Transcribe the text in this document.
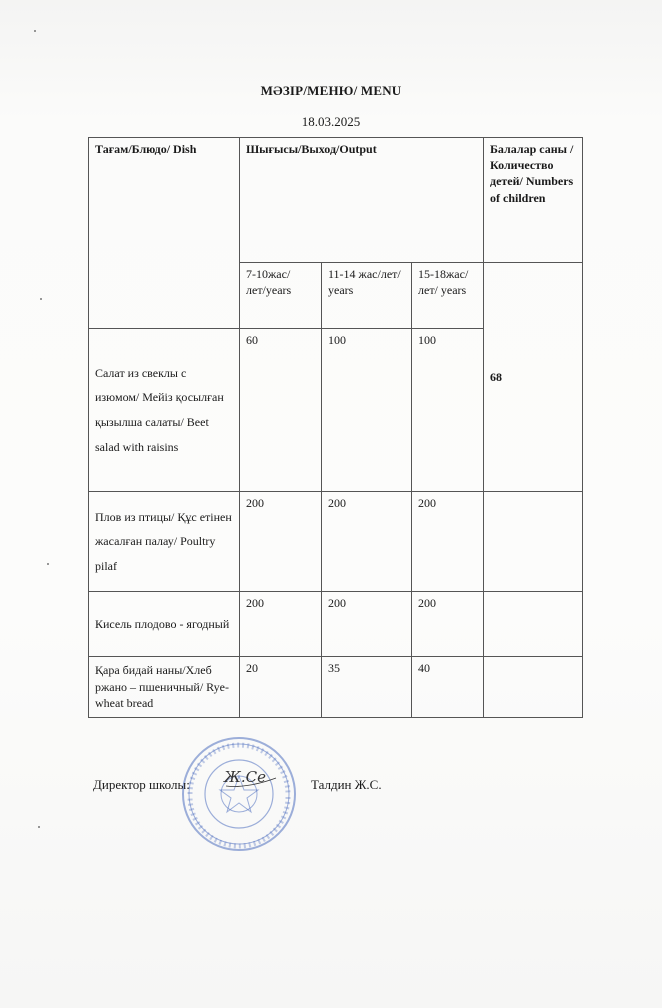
МӘЗІР/МЕНЮ/ MENU
18.03.2025
Тағам/Блюдо/ Dish	Шығысы/Выход/Output			Балалар саны /Количество детей/ Numbers of children
	7-10жас/лет/years	11-14 жас/лет/ years	15-18жас/лет/ years	68
Салат из свеклы с изюмом/ Мейіз қосылған қызылша салаты/ Beet salad with raisins	60	100	100	
Плов из птицы/ Құс етінен жасалған палау/ Poultry pilaf	200	200	200	
Кисель плодово - ягодный	200	200	200	
Қара бидай наны/Хлеб ржано – пшеничный/ Rye-wheat bread	20	35	40	
Ж.Се
Директор школы:	Талдин Ж.С.
